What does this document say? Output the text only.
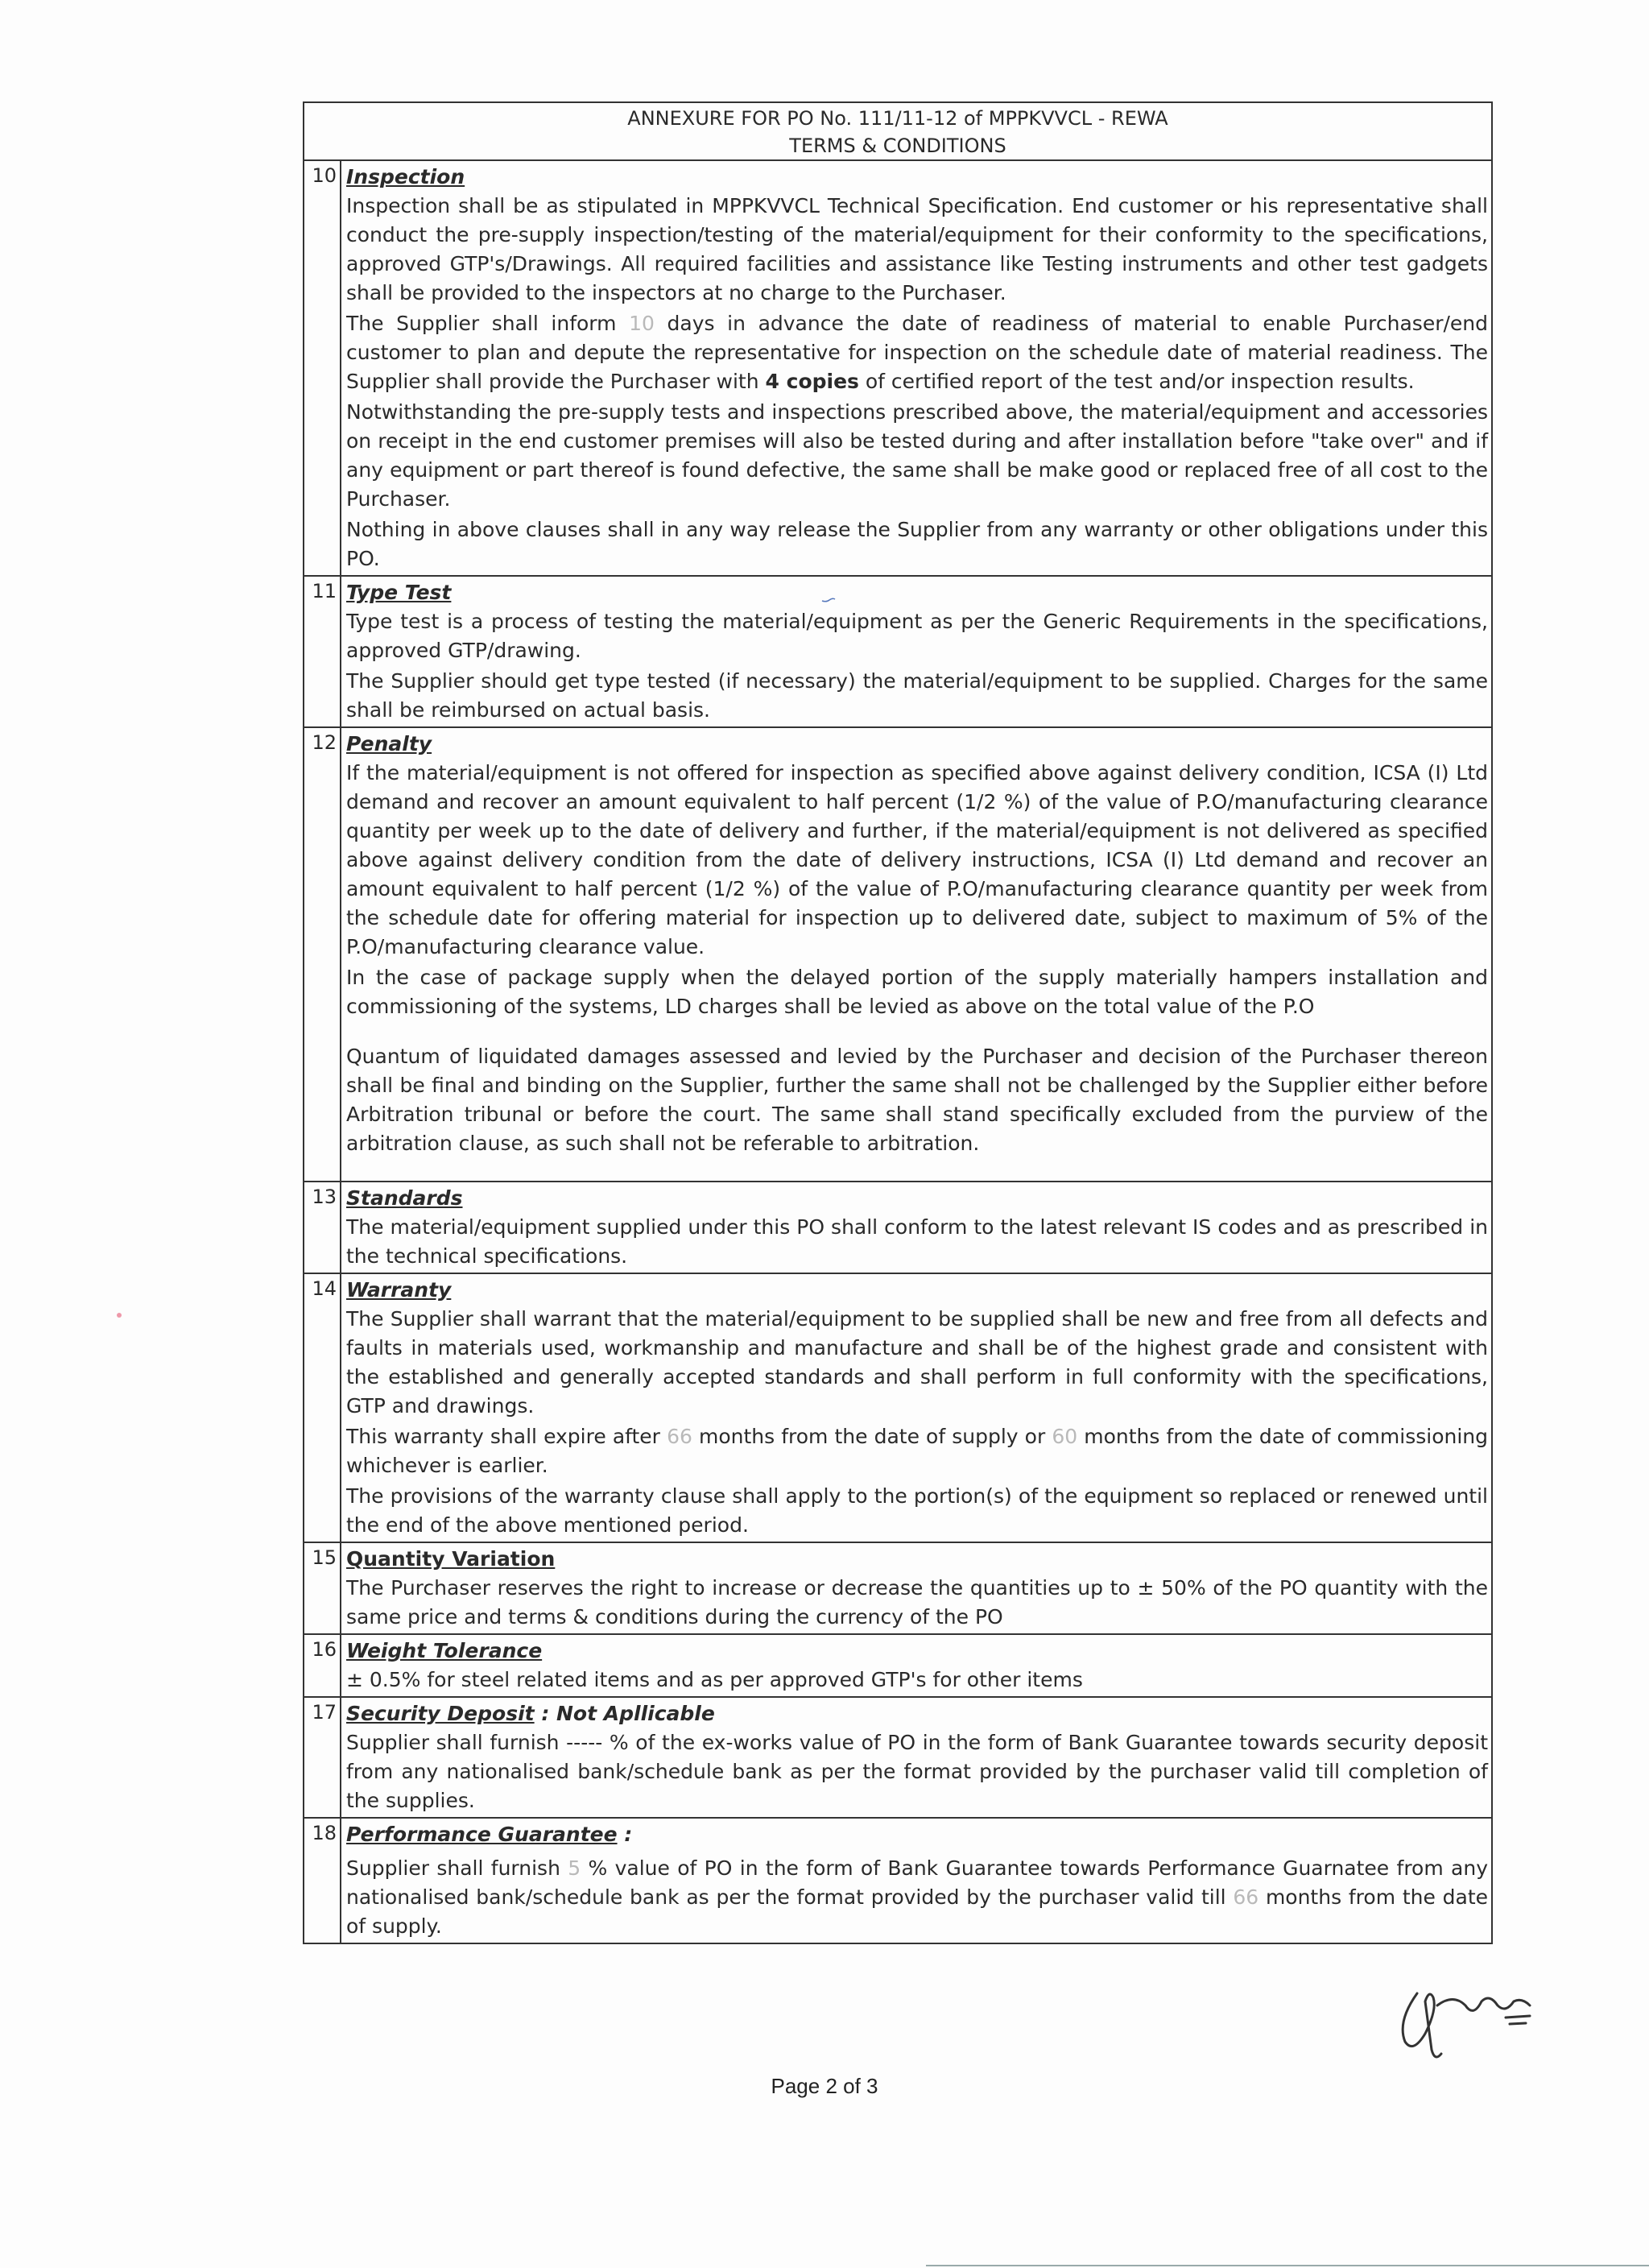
ANNEXURE FOR PO No. 111/11-12 of MPPKVVCL - REWA
TERMS & CONDITIONS	

10	Inspection

Inspection shall be as stipulated in MPPKVVCL Technical Specification. End customer or his representative shall conduct the pre-supply inspection/testing of the material/equipment for their conformity to the specifications, approved GTP's/Drawings. All required facilities and assistance like Testing instruments and other test gadgets shall be provided to the inspectors at no charge to the Purchaser.

The Supplier shall inform 10 days in advance the date of readiness of material to enable Purchaser/end customer to plan and depute the representative for inspection on the schedule date of material readiness. The Supplier shall provide the Purchaser with 4 copies of certified report of the test and/or inspection results.

Notwithstanding the pre-supply tests and inspections prescribed above, the material/equipment and accessories on receipt in the end customer premises will also be tested during and after installation before "take over" and if any equipment or part thereof is found defective, the same shall be make good or replaced free of all cost to the Purchaser.

Nothing in above clauses shall in any way release the Supplier from any warranty or other obligations under this PO.

11	Type Test

Type test is a process of testing the material/equipment as per the Generic Requirements in the specifications, approved GTP/drawing.

The Supplier should get type tested (if necessary) the material/equipment to be supplied. Charges for the same shall be reimbursed on actual basis.

12	Penalty

If the material/equipment is not offered for inspection as specified above against delivery condition, ICSA (I) Ltd demand and recover an amount equivalent to half percent (1/2 %) of the value of P.O/manufacturing clearance quantity per week up to the date of delivery and further, if the material/equipment is not delivered as specified above against delivery condition from the date of delivery instructions, ICSA (I) Ltd demand and recover an amount equivalent to half percent (1/2 %) of the value of P.O/manufacturing clearance quantity per week from the schedule date for offering material for inspection up to delivered date, subject to maximum of 5% of the P.O/manufacturing clearance value.

In the case of package supply when the delayed portion of the supply materially hampers installation and commissioning of the systems, LD charges shall be levied as above on the total value of the P.O

Quantum of liquidated damages assessed and levied by the Purchaser and decision of the Purchaser thereon shall be final and binding on the Supplier, further the same shall not be challenged by the Supplier either before Arbitration tribunal or before the court. The same shall stand specifically excluded from the purview of the arbitration clause, as such shall not be referable to arbitration.

13	Standards

The material/equipment supplied under this PO shall conform to the latest relevant IS codes and as prescribed in the technical specifications.

14	Warranty

The Supplier shall warrant that the material/equipment to be supplied shall be new and free from all defects and faults in materials used, workmanship and manufacture and shall be of the highest grade and consistent with the established and generally accepted standards and shall perform in full conformity with the specifications, GTP and drawings.

This warranty shall expire after 66 months from the date of supply or 60 months from the date of commissioning whichever is earlier.

The provisions of the warranty clause shall apply to the portion(s) of the equipment so replaced or renewed until the end of the above mentioned period.

15	Quantity Variation

The Purchaser reserves the right to increase or decrease the quantities up to ± 50% of the PO quantity with the same price and terms & conditions during the currency of the PO

16	Weight Tolerance

± 0.5% for steel related items and as per approved GTP's for other items

17	Security Deposit : Not Apllicable

Supplier shall furnish ----- % of the ex-works value of PO in the form of Bank Guarantee towards security deposit from any nationalised bank/schedule bank as per the format provided by the purchaser valid till completion of the supplies.

18	Performance Guarantee :

Supplier shall furnish 5 % value of PO in the form of Bank Guarantee towards Performance Guarnatee from any nationalised bank/schedule bank as per the format provided by the purchaser valid till 66 months from the date of supply.

Page 2 of 3
